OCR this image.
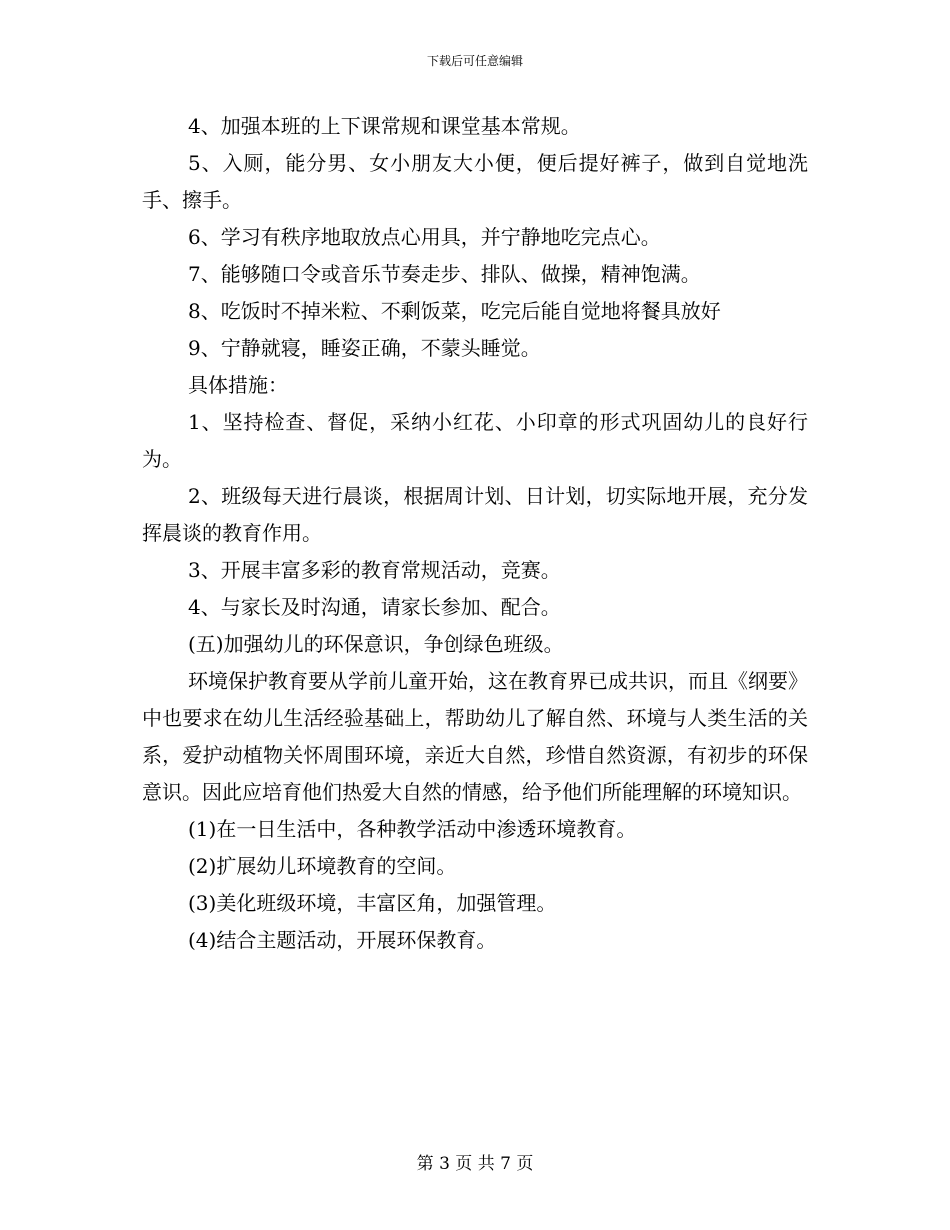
下载后可任意编辑

4、加强本班的上下课常规和课堂基本常规。

5、入厕，能分男、女小朋友大小便，便后提好裤子，做到自觉地洗手、擦手。

6、学习有秩序地取放点心用具，并宁静地吃完点心。

7、能够随口令或音乐节奏走步、排队、做操，精神饱满。

8、吃饭时不掉米粒、不剩饭菜，吃完后能自觉地将餐具放好

9、宁静就寝，睡姿正确，不蒙头睡觉。

具体措施：

1、坚持检查、督促，采纳小红花、小印章的形式巩固幼儿的良好行为。

2、班级每天进行晨谈，根据周计划、日计划，切实际地开展，充分发挥晨谈的教育作用。

3、开展丰富多彩的教育常规活动，竞赛。

4、与家长及时沟通，请家长参加、配合。

(五)加强幼儿的环保意识，争创绿色班级。

环境保护教育要从学前儿童开始，这在教育界已成共识，而且《纲要》中也要求在幼儿生活经验基础上，帮助幼儿了解自然、环境与人类生活的关系，爱护动植物关怀周围环境，亲近大自然，珍惜自然资源，有初步的环保意识。因此应培育他们热爱大自然的情感，给予他们所能理解的环境知识。

(1)在一日生活中，各种教学活动中渗透环境教育。

(2)扩展幼儿环境教育的空间。

(3)美化班级环境，丰富区角，加强管理。

(4)结合主题活动，开展环保教育。

第 3 页 共 7 页
